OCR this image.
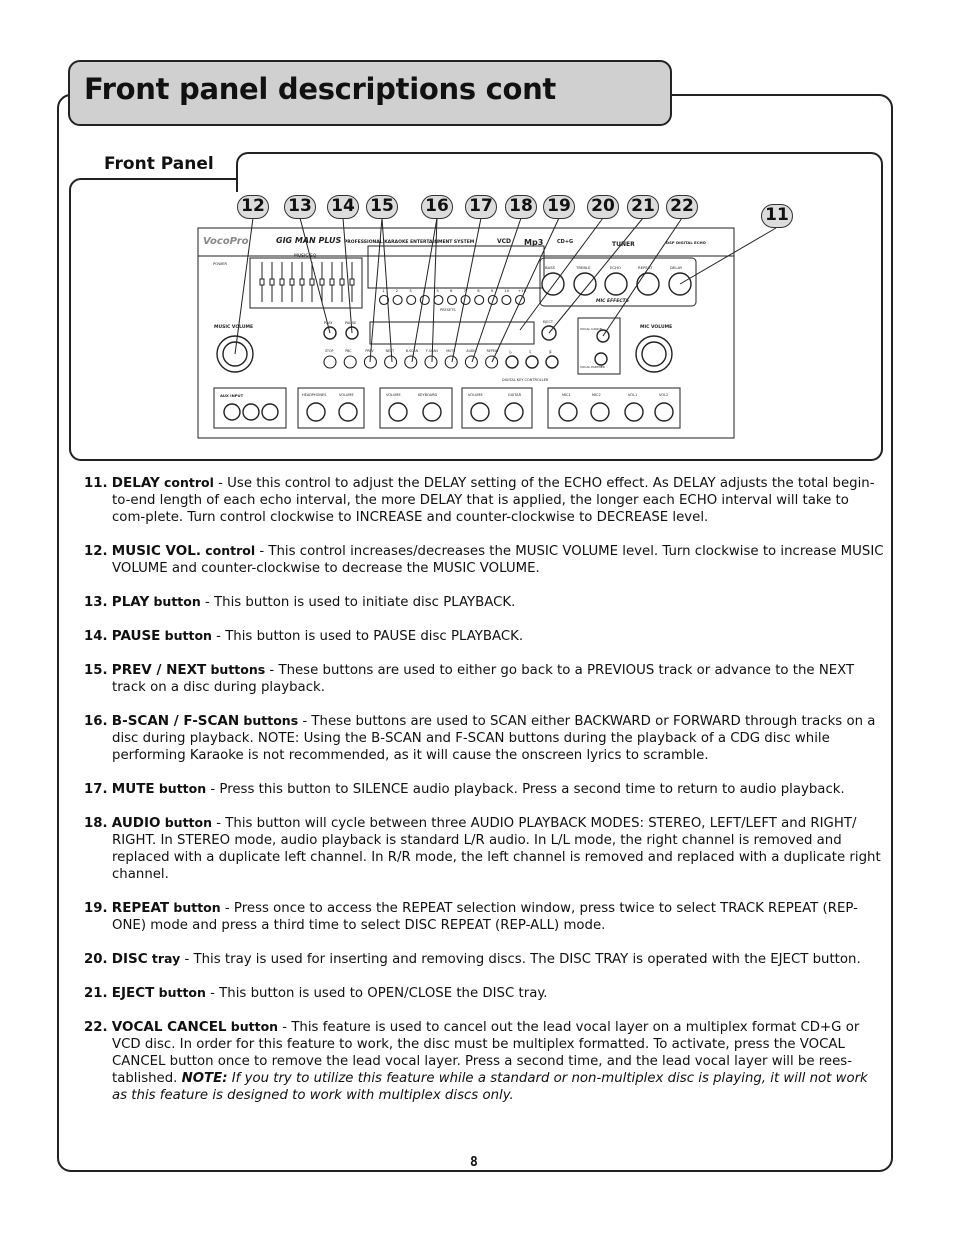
Front panel descriptions cont
Front Panel
VocoPro	GIG MAN PLUS PROFESSIONAL KARAOKE ENTERTAINMENT SYSTEM	VCD Mp3	CD+G	TUNER	DSP DIGITAL ECHO
MUSIC EQ
MIC EFFECTS
BASS	TREBLE	ECHO	REPEAT	DELAY
POWER
MUSIC VOLUME	MIC VOLUME
PRESETS
PLAY	PAUSE	EJECT
DIGITAL KEY CONTROLLER
VOCAL CANCEL
VOCAL PARTNER
AUX INPUT	HEADPHONES	VOLUME	VOLUME	KEYBOARD	VOLUME	GUITAR	MIC1	MIC2	VOL1	VOL2
1	2	3	4	5	6	7	8	9	10 +10
STOP	PBC	PREV	NEXT	B-SCAN	F-SCAN	MUTE	AUDIO	REPEAT ♭	♮	♯
12 13 14 15 16 17 18 19 20 21 22	11
11. DELAY control - Use this control to adjust the DELAY setting of the ECHO effect. As DELAY adjusts the total begin-to-end length of each echo interval, the more DELAY that is applied, the longer each ECHO interval will take to com-plete. Turn control clockwise to INCREASE and counter-clockwise to DECREASE level.
12. MUSIC VOL. control - This control increases/decreases the MUSIC VOLUME level. Turn clockwise to increase MUSIC VOLUME and counter-clockwise to decrease the MUSIC VOLUME.
13. PLAY button - This button is used to initiate disc PLAYBACK.
14. PAUSE button - This button is used to PAUSE disc PLAYBACK.
15. PREV / NEXT buttons - These buttons are used to either go back to a PREVIOUS track or advance to the NEXT track on a disc during playback.
16. B-SCAN / F-SCAN buttons - These buttons are used to SCAN either BACKWARD or FORWARD through tracks on a disc during playback. NOTE: Using the B-SCAN and F-SCAN buttons during the playback of a CDG disc while performing Karaoke is not recommended, as it will cause the onscreen lyrics to scramble.
17. MUTE button - Press this button to SILENCE audio playback. Press a second time to return to audio playback.
18. AUDIO button - This button will cycle between three AUDIO PLAYBACK MODES: STEREO, LEFT/LEFT and RIGHT/ RIGHT. In STEREO mode, audio playback is standard L/R audio. In L/L mode, the right channel is removed and replaced with a duplicate left channel. In R/R mode, the left channel is removed and replaced with a duplicate right channel.
19. REPEAT button - Press once to access the REPEAT selection window, press twice to select TRACK REPEAT (REP-ONE) mode and press a third time to select DISC REPEAT (REP-ALL) mode.
20. DISC tray - This tray is used for inserting and removing discs. The DISC TRAY is operated with the EJECT button.
21. EJECT button - This button is used to OPEN/CLOSE the DISC tray.
22. VOCAL CANCEL button - This feature is used to cancel out the lead vocal layer on a multiplex format CD+G or VCD disc. In order for this feature to work, the disc must be multiplex formatted. To activate, press the VOCAL CANCEL button once to remove the lead vocal layer. Press a second time, and the lead vocal layer will be rees-tablished. NOTE: If you try to utilize this feature while a standard or non-multiplex disc is playing, it will not work as this feature is designed to work with multiplex discs only.
8
